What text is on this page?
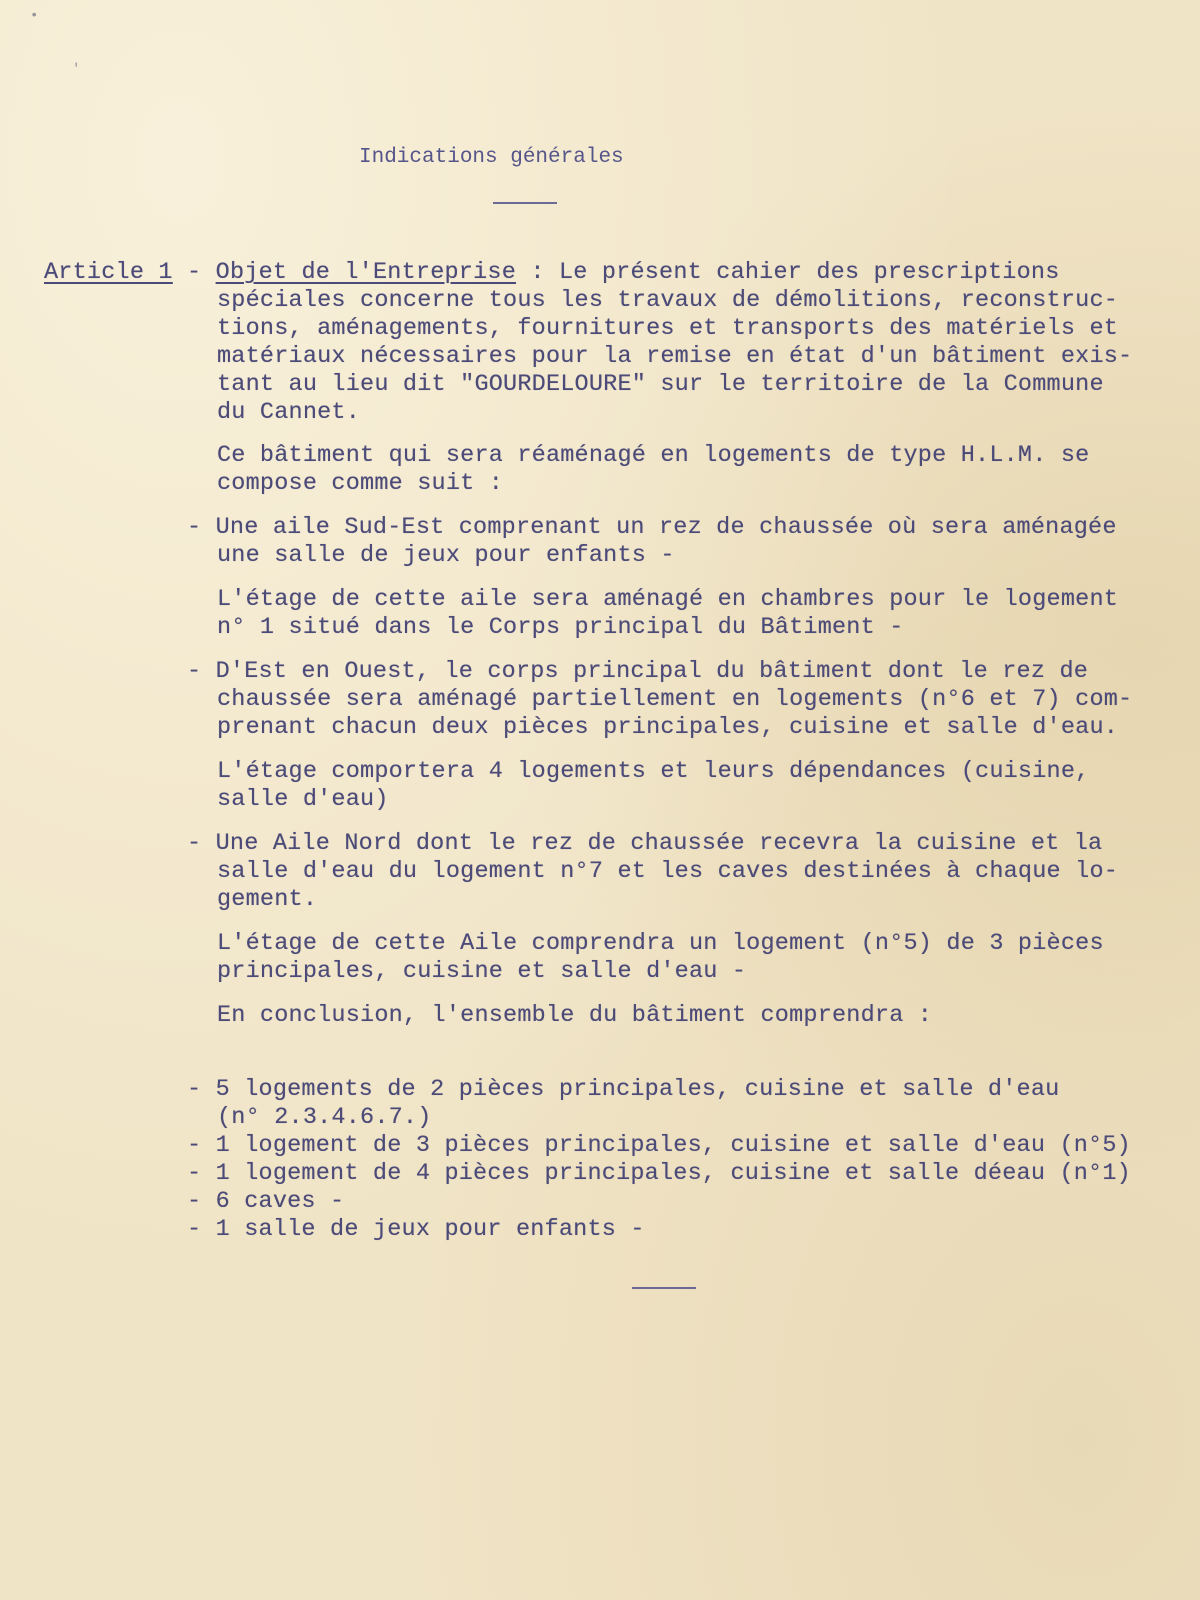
•
ʹ
Indications générales
Article 1 - Objet de l'Entreprise : Le présent cahier des prescriptions
spéciales concerne tous les travaux de démolitions, reconstruc-
tions, aménagements, fournitures et transports des matériels et
matériaux nécessaires pour la remise en état d'un bâtiment exis-
tant au lieu dit "GOURDELOURE" sur le territoire de la Commune
du Cannet.
Ce bâtiment qui sera réaménagé en logements de type H.L.M. se
compose comme suit :
- Une aile Sud-Est comprenant un rez de chaussée où sera aménagée
une salle de jeux pour enfants -
L'étage de cette aile sera aménagé en chambres pour le logement
n° 1 situé dans le Corps principal du Bâtiment -
- D'Est en Ouest, le corps principal du bâtiment dont le rez de
chaussée sera aménagé partiellement en logements (n°6 et 7) com-
prenant chacun deux pièces principales, cuisine et salle d'eau.
L'étage comportera 4 logements et leurs dépendances (cuisine,
salle d'eau)
- Une Aile Nord dont le rez de chaussée recevra la cuisine et la
salle d'eau du logement n°7 et les caves destinées à chaque lo-
gement.
L'étage de cette Aile comprendra un logement (n°5) de 3 pièces
principales, cuisine et salle d'eau -
En conclusion, l'ensemble du bâtiment comprendra :
- 5 logements de 2 pièces principales, cuisine et salle d'eau
(n° 2.3.4.6.7.)
- 1 logement de 3 pièces principales, cuisine et salle d'eau (n°5)
- 1 logement de 4 pièces principales, cuisine et salle déeau (n°1)
- 6 caves -
- 1 salle de jeux pour enfants -
